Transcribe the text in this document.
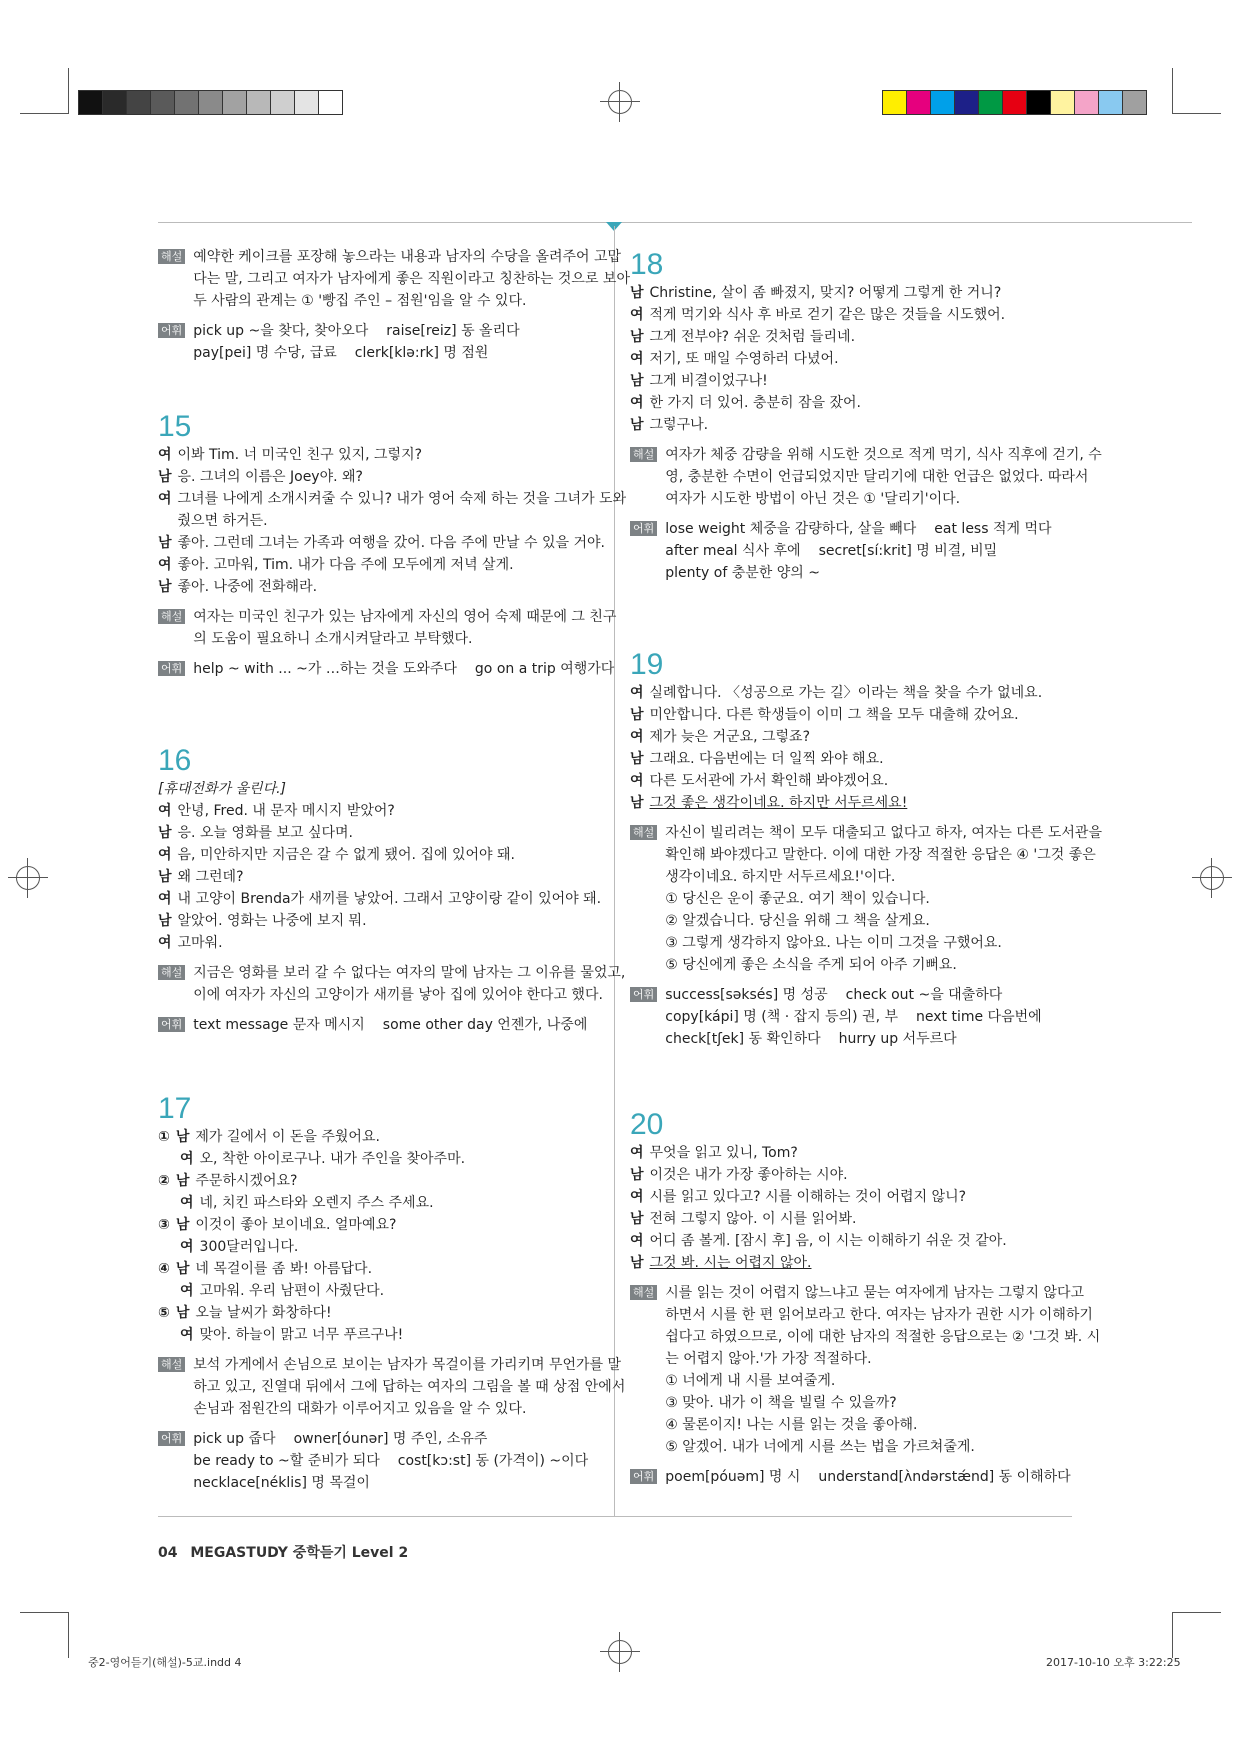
해설 예약한 케이크를 포장해 놓으라는 내용과 남자의 수당을 올려주어 고맙

다는 말, 그리고 여자가 남자에게 좋은 직원이라고 칭찬하는 것으로 보아

두 사람의 관계는 ① '빵집 주인 – 점원'임을 알 수 있다.

어휘 pick up ~을 찾다, 찾아오다 raise[reiz] 동 올리다

pay[pei] 명 수당, 급료 clerk[klə:rk] 명 점원

15

여 이봐 Tim. 너 미국인 친구 있지, 그렇지?

남 응. 그녀의 이름은 Joey야. 왜?

여 그녀를 나에게 소개시켜줄 수 있니? 내가 영어 숙제 하는 것을 그녀가 도와

줬으면 하거든.

남 좋아. 그런데 그녀는 가족과 여행을 갔어. 다음 주에 만날 수 있을 거야.

여 좋아. 고마워, Tim. 내가 다음 주에 모두에게 저녁 살게.

남 좋아. 나중에 전화해라.

해설 여자는 미국인 친구가 있는 남자에게 자신의 영어 숙제 때문에 그 친구

의 도움이 필요하니 소개시켜달라고 부탁했다.

어휘 help ~ with ... ~가 …하는 것을 도와주다 go on a trip 여행가다

16

[휴대전화가 울린다.]

여 안녕, Fred. 내 문자 메시지 받았어?

남 응. 오늘 영화를 보고 싶다며.

여 음, 미안하지만 지금은 갈 수 없게 됐어. 집에 있어야 돼.

남 왜 그런데?

여 내 고양이 Brenda가 새끼를 낳았어. 그래서 고양이랑 같이 있어야 돼.

남 알았어. 영화는 나중에 보지 뭐.

여 고마워.

해설 지금은 영화를 보러 갈 수 없다는 여자의 말에 남자는 그 이유를 물었고,

이에 여자가 자신의 고양이가 새끼를 낳아 집에 있어야 한다고 했다.

어휘 text message 문자 메시지 some other day 언젠가, 나중에

17

① 남 제가 길에서 이 돈을 주웠어요.

여 오, 착한 아이로구나. 내가 주인을 찾아주마.

② 남 주문하시겠어요?

여 네, 치킨 파스타와 오렌지 주스 주세요.

③ 남 이것이 좋아 보이네요. 얼마예요?

여 300달러입니다.

④ 남 네 목걸이를 좀 봐! 아름답다.

여 고마워. 우리 남편이 사줬단다.

⑤ 남 오늘 날씨가 화창하다!

여 맞아. 하늘이 맑고 너무 푸르구나!

해설 보석 가게에서 손님으로 보이는 남자가 목걸이를 가리키며 무언가를 말

하고 있고, 진열대 뒤에서 그에 답하는 여자의 그림을 볼 때 상점 안에서

손님과 점원간의 대화가 이루어지고 있음을 알 수 있다.

어휘 pick up 줍다 owner[óunər] 명 주인, 소유주

be ready to ~할 준비가 되다 cost[kɔ:st] 동 (가격이) ~이다

necklace[néklis] 명 목걸이

18

남 Christine, 살이 좀 빠졌지, 맞지? 어떻게 그렇게 한 거니?

여 적게 먹기와 식사 후 바로 걷기 같은 많은 것들을 시도했어.

남 그게 전부야? 쉬운 것처럼 들리네.

여 저기, 또 매일 수영하러 다녔어.

남 그게 비결이었구나!

여 한 가지 더 있어. 충분히 잠을 잤어.

남 그렇구나.

해설 여자가 체중 감량을 위해 시도한 것으로 적게 먹기, 식사 직후에 걷기, 수

영, 충분한 수면이 언급되었지만 달리기에 대한 언급은 없었다. 따라서

여자가 시도한 방법이 아닌 것은 ① '달리기'이다.

어휘 lose weight 체중을 감량하다, 살을 빼다 eat less 적게 먹다

after meal 식사 후에 secret[sí:krit] 명 비결, 비밀

plenty of 충분한 양의 ~

19

여 실례합니다. 〈성공으로 가는 길〉이라는 책을 찾을 수가 없네요.

남 미안합니다. 다른 학생들이 이미 그 책을 모두 대출해 갔어요.

여 제가 늦은 거군요, 그렇죠?

남 그래요. 다음번에는 더 일찍 와야 해요.

여 다른 도서관에 가서 확인해 봐야겠어요.

남 그것 좋은 생각이네요. 하지만 서두르세요!

해설 자신이 빌리려는 책이 모두 대출되고 없다고 하자, 여자는 다른 도서관을

확인해 봐야겠다고 말한다. 이에 대한 가장 적절한 응답은 ④ '그것 좋은

생각이네요. 하지만 서두르세요!'이다.

① 당신은 운이 좋군요. 여기 책이 있습니다.

② 알겠습니다. 당신을 위해 그 책을 살게요.

③ 그렇게 생각하지 않아요. 나는 이미 그것을 구했어요.

⑤ 당신에게 좋은 소식을 주게 되어 아주 기뻐요.

어휘 success[səksés] 명 성공 check out ~을 대출하다

copy[kápi] 명 (책 · 잡지 등의) 권, 부 next time 다음번에

check[tʃek] 동 확인하다 hurry up 서두르다

20

여 무엇을 읽고 있니, Tom?

남 이것은 내가 가장 좋아하는 시야.

여 시를 읽고 있다고? 시를 이해하는 것이 어렵지 않니?

남 전혀 그렇지 않아. 이 시를 읽어봐.

여 어디 좀 볼게. [잠시 후] 음, 이 시는 이해하기 쉬운 것 같아.

남 그것 봐. 시는 어렵지 않아.

해설 시를 읽는 것이 어렵지 않느냐고 묻는 여자에게 남자는 그렇지 않다고

하면서 시를 한 편 읽어보라고 한다. 여자는 남자가 권한 시가 이해하기

쉽다고 하였으므로, 이에 대한 남자의 적절한 응답으로는 ② '그것 봐. 시

는 어렵지 않아.'가 가장 적절하다.

① 너에게 내 시를 보여줄게.

③ 맞아. 내가 이 책을 빌릴 수 있을까?

④ 물론이지! 나는 시를 읽는 것을 좋아해.

⑤ 알겠어. 내가 너에게 시를 쓰는 법을 가르쳐줄게.

어휘 poem[póuəm] 명 시 understand[ʌ̀ndərstǽnd] 동 이해하다

04 MEGASTUDY 중학듣기 Level 2
중2-영어듣기(해설)-5교.indd 4	2017-10-10 오후 3:22:25
